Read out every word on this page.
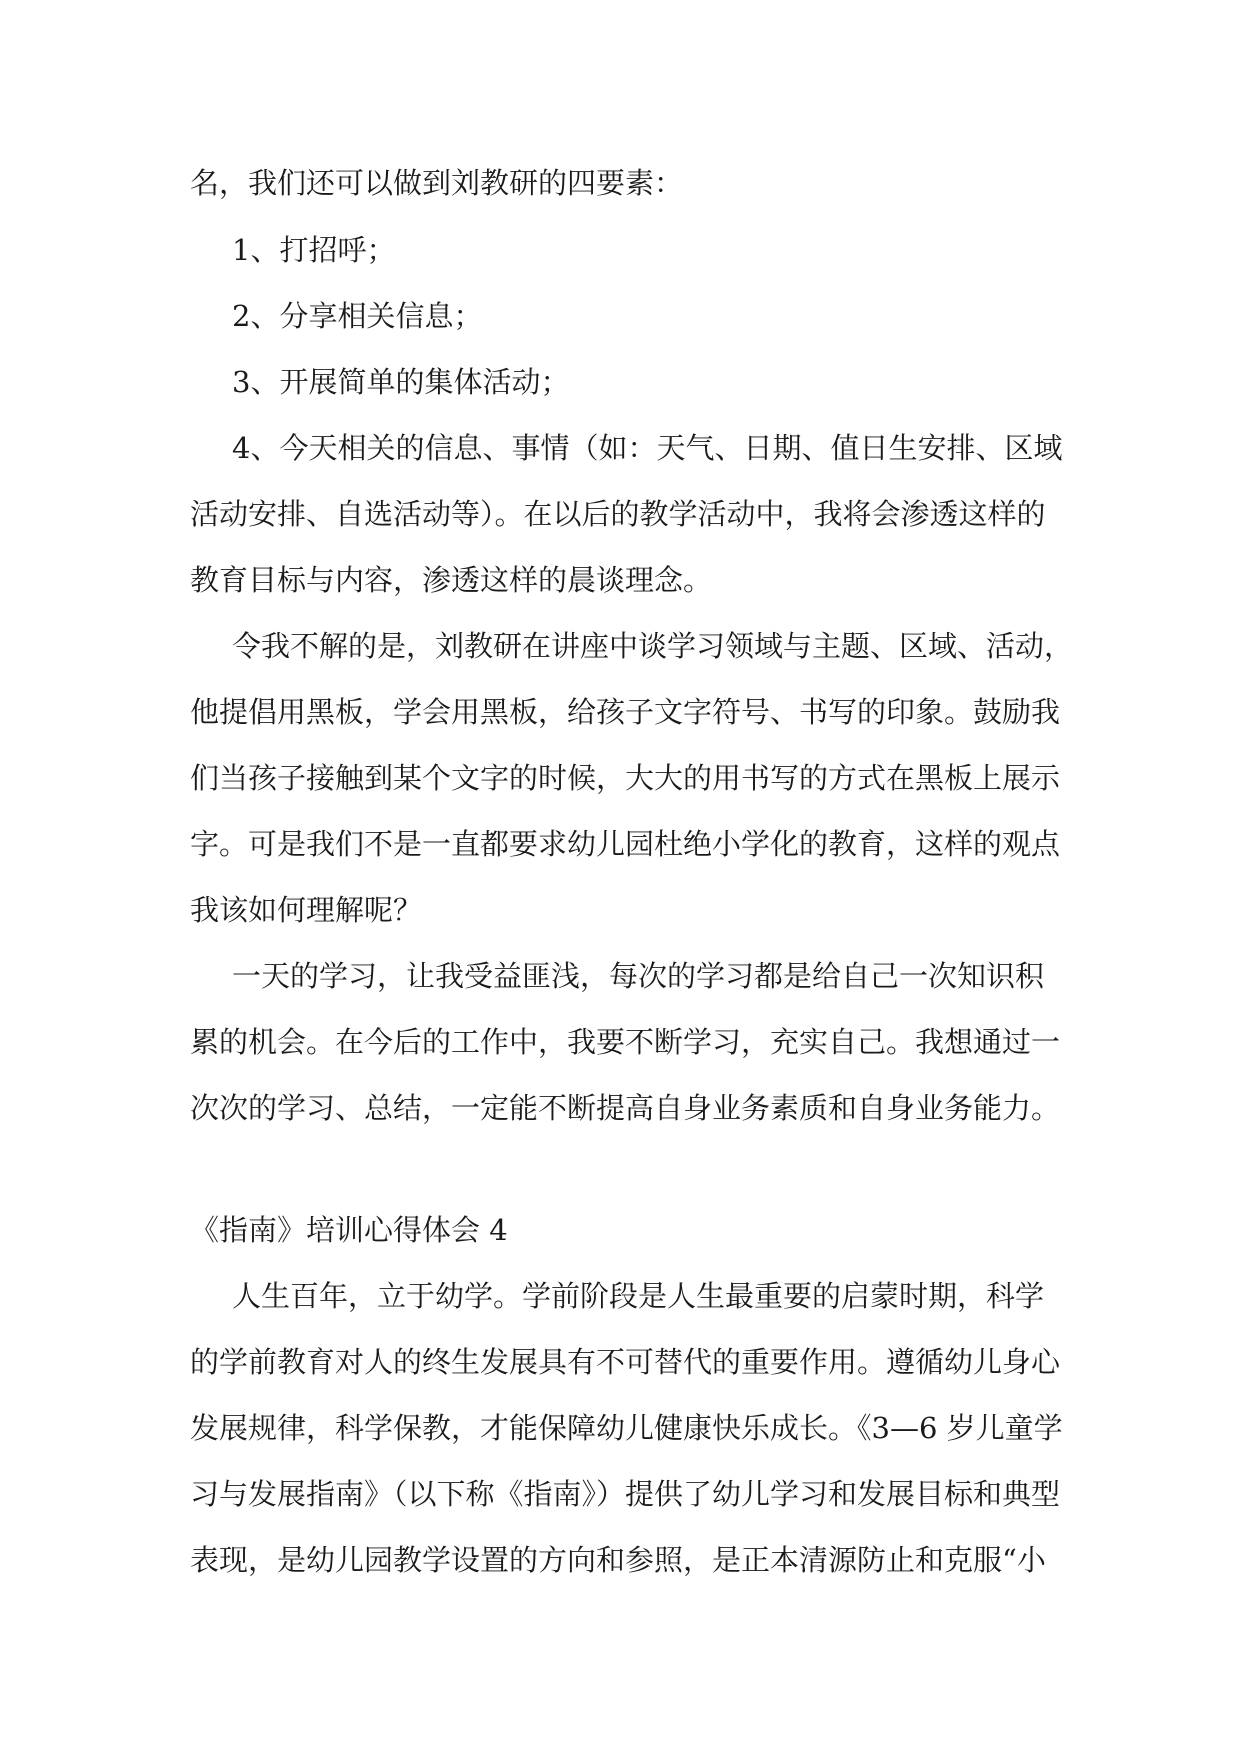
名，我们还可以做到刘教研的四要素：
1、打招呼；
2、分享相关信息；
3、开展简单的集体活动；
4、今天相关的信息、事情（如：天气、日期、值日生安排、区域
活动安排、自选活动等）。在以后的教学活动中，我将会渗透这样的
教育目标与内容，渗透这样的晨谈理念。
令我不解的是，刘教研在讲座中谈学习领域与主题、区域、活动，
他提倡用黑板，学会用黑板，给孩子文字符号、书写的印象。鼓励我
们当孩子接触到某个文字的时候，大大的用书写的方式在黑板上展示
字。可是我们不是一直都要求幼儿园杜绝小学化的教育，这样的观点
我该如何理解呢？
一天的学习，让我受益匪浅，每次的学习都是给自己一次知识积
累的机会。在今后的工作中，我要不断学习，充实自己。我想通过一
次次的学习、总结，一定能不断提高自身业务素质和自身业务能力。
《指南》培训心得体会 4
人生百年，立于幼学。学前阶段是人生最重要的启蒙时期，科学
的学前教育对人的终生发展具有不可替代的重要作用。遵循幼儿身心
发展规律，科学保教，才能保障幼儿健康快乐成长。《3—6 岁儿童学
习与发展指南》（以下称《指南》）提供了幼儿学习和发展目标和典型
表现，是幼儿园教学设置的方向和参照，是正本清源防止和克服“小
